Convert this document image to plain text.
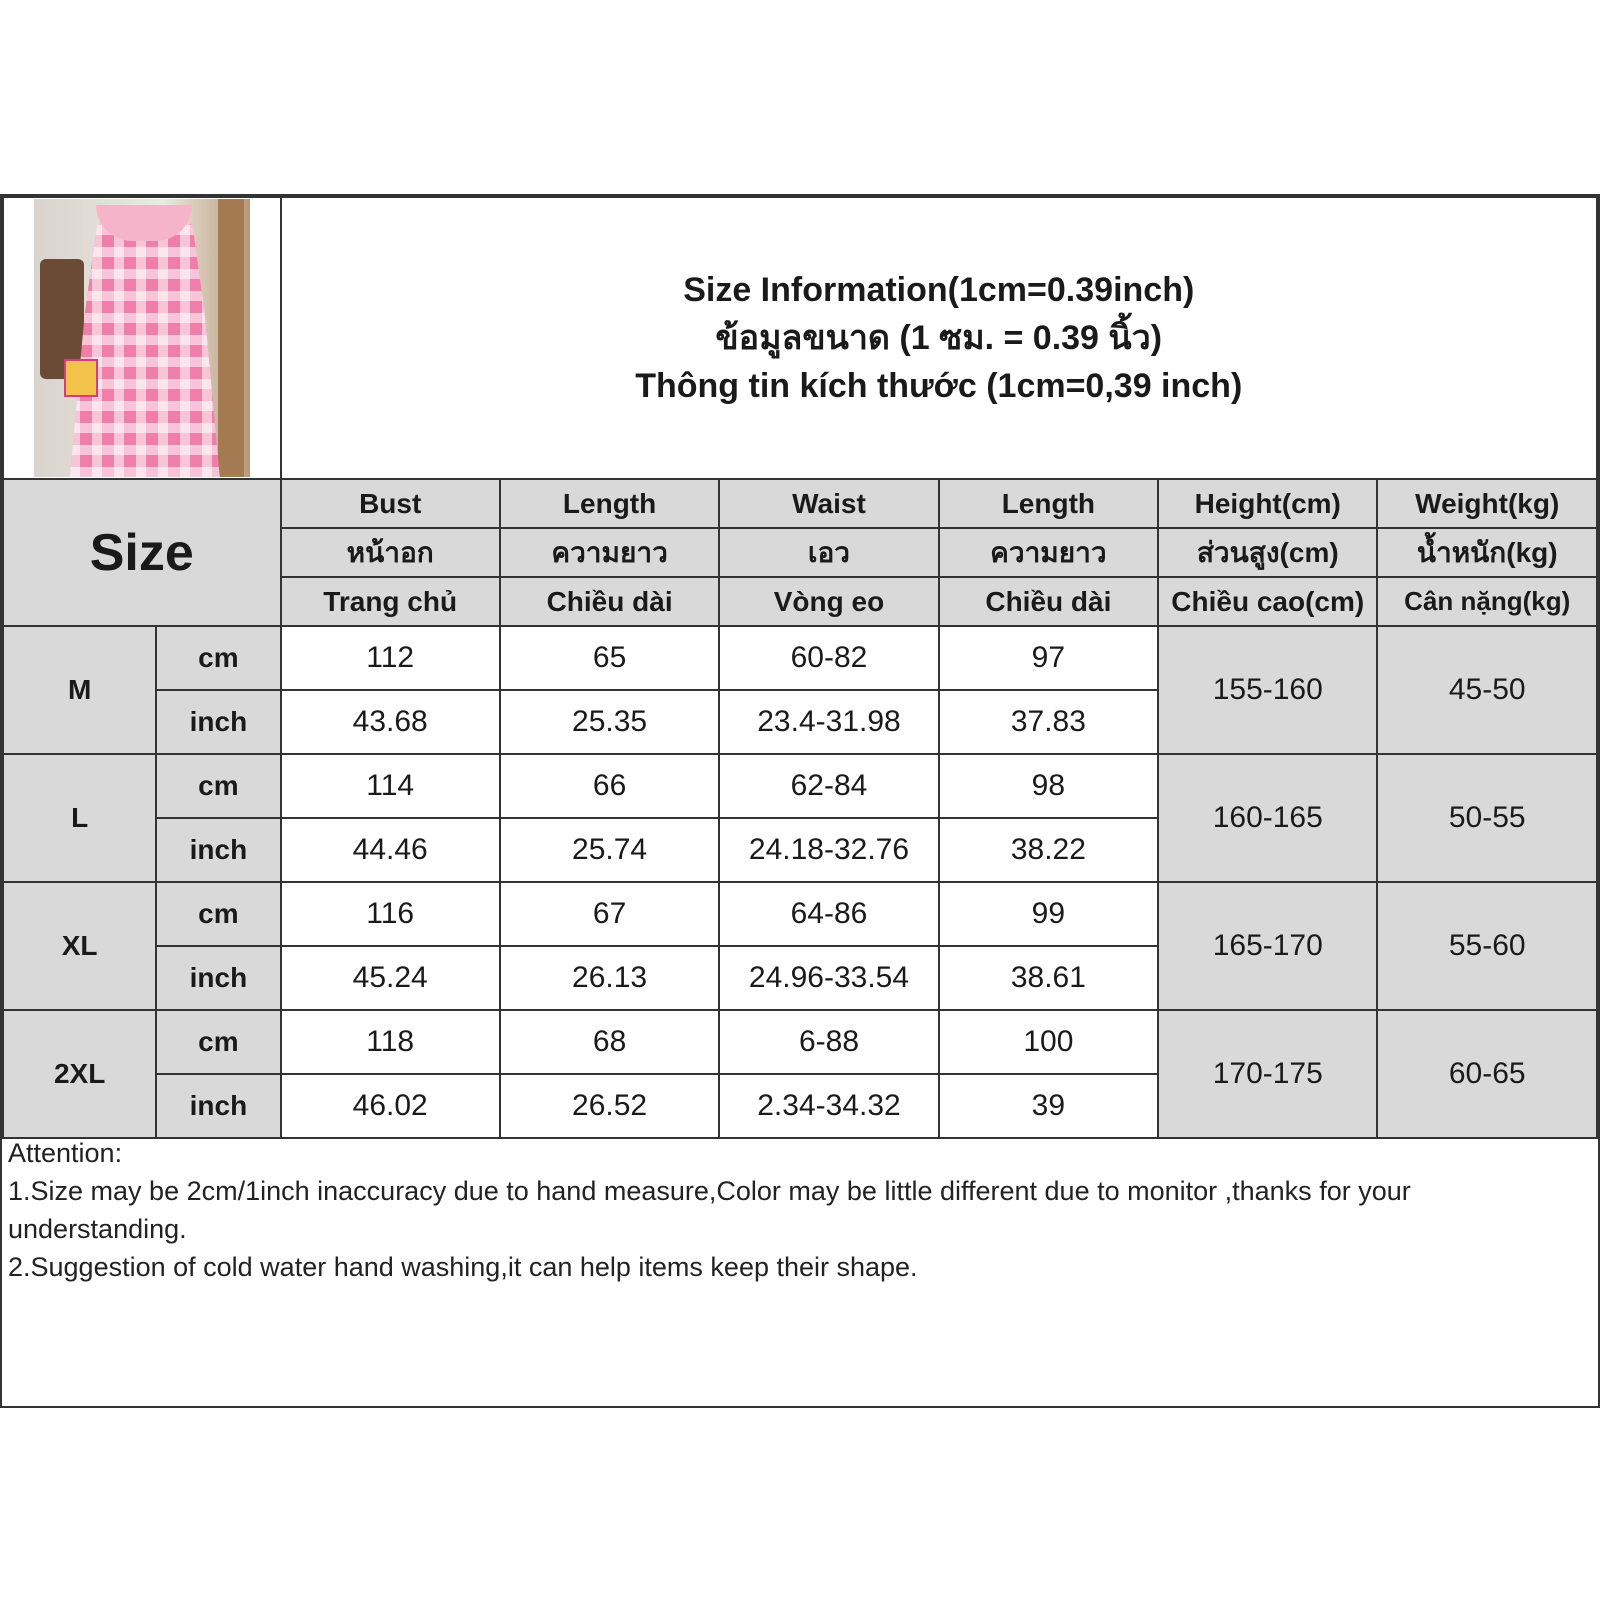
		Size Information(1cm=0.39inch)
ข้อมูลขนาด (1 ซม. = 0.39 นิ้ว)
Thông tin kích thước (1cm=0,39 inch)					

Size		Bust	Length	Waist	Length	Height(cm)	Weight(kg)
		หน้าอก	ความยาว	เอว	ความยาว	ส่วนสูง(cm)	น้ำหนัก(kg)
		Trang chủ	Chiều dài	Vòng eo	Chiều dài	Chiều cao(cm)	Cân nặng(kg)
M	cm	112	65	60-82	97	155-160	45-50
	inch	43.68	25.35	23.4-31.98	37.83		
L	cm	114	66	62-84	98	160-165	50-55
	inch	44.46	25.74	24.18-32.76	38.22		
XL	cm	116	67	64-86	99	165-170	55-60
	inch	45.24	26.13	24.96-33.54	38.61		
2XL	cm	118	68	6-88	100	170-175	60-65
	inch	46.02	26.52	2.34-34.32	39		

Attention:

1.Size may be 2cm/1inch inaccuracy due to hand measure,Color may be little different due to monitor ,thanks for your understanding.

2.Suggestion of cold water hand washing,it can help items keep their shape.
